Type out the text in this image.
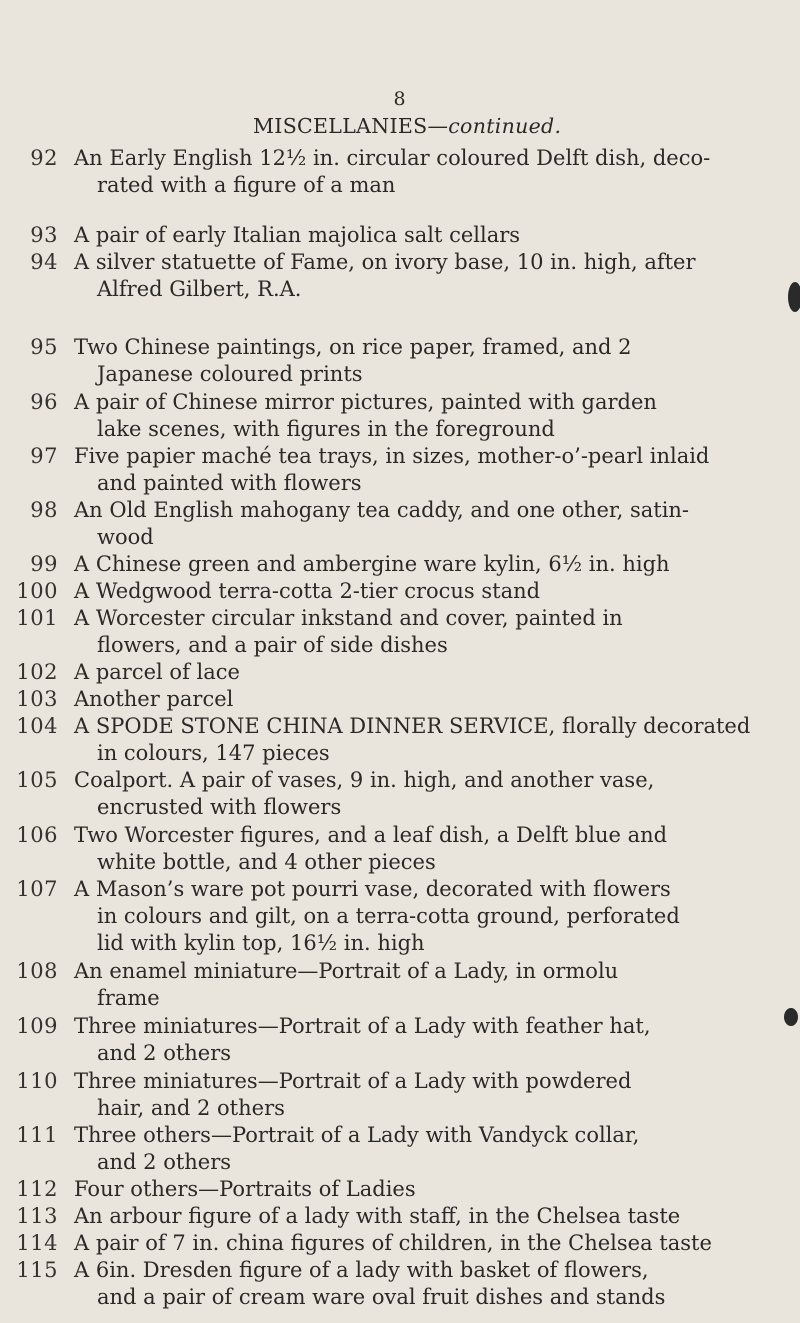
8
MISCELLANIES—continued.
92 An Early English 12½ in. circular coloured Delft dish, deco-
rated with a figure of a man
93 A pair of early Italian majolica salt cellars
94 A silver statuette of Fame, on ivory base, 10 in. high, after
Alfred Gilbert, R.A.
95 Two Chinese paintings, on rice paper, framed, and 2
Japanese coloured prints
96 A pair of Chinese mirror pictures, painted with garden
lake scenes, with figures in the foreground
97 Five papier maché tea trays, in sizes, mother-o’-pearl inlaid
and painted with flowers
98 An Old English mahogany tea caddy, and one other, satin-
wood
99 A Chinese green and ambergine ware kylin, 6½ in. high
100 A Wedgwood terra-cotta 2-tier crocus stand
101 A Worcester circular inkstand and cover, painted in
flowers, and a pair of side dishes
102 A parcel of lace
103 Another parcel
104 A SPODE STONE CHINA DINNER SERVICE, florally decorated
in colours, 147 pieces
105 Coalport. A pair of vases, 9 in. high, and another vase,
encrusted with flowers
106 Two Worcester figures, and a leaf dish, a Delft blue and
white bottle, and 4 other pieces
107 A Mason’s ware pot pourri vase, decorated with flowers
in colours and gilt, on a terra-cotta ground, perforated
lid with kylin top, 16½ in. high
108 An enamel miniature—Portrait of a Lady, in ormolu
frame
109 Three miniatures—Portrait of a Lady with feather hat,
and 2 others
110 Three miniatures—Portrait of a Lady with powdered
hair, and 2 others
111 Three others—Portrait of a Lady with Vandyck collar,
and 2 others
112 Four others—Portraits of Ladies
113 An arbour figure of a lady with staff, in the Chelsea taste
114 A pair of 7 in. china figures of children, in the Chelsea taste
115 A 6in. Dresden figure of a lady with basket of flowers,
and a pair of cream ware oval fruit dishes and stands
